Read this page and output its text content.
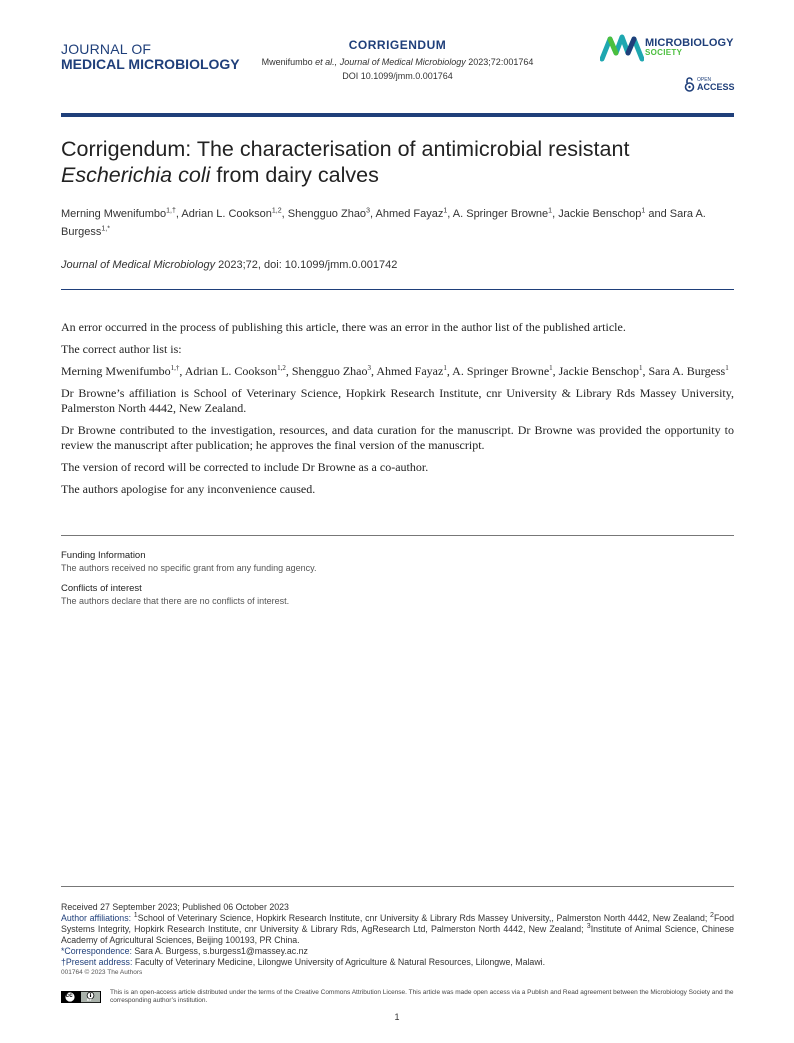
JOURNAL OF
MEDICAL MICROBIOLOGY
CORRIGENDUM
Mwenifumbo et al., Journal of Medical Microbiology 2023;72:001764
DOI 10.1099/jmm.0.001764
MICROBIOLOGY
SOCIETY
OPEN
ACCESS
Corrigendum: The characterisation of antimicrobial resistant
Escherichia coli from dairy calves
Merning Mwenifumbo$^{1,\dagger}$, Adrian L. Cookson$^{1,2}$, Shengguo Zhao$^3$, Ahmed Fayaz$^1$, A. Springer Browne$^1$, Jackie Benschop$^1$ and Sara A. Burgess$^{1,*}$
Journal of Medical Microbiology 2023;72, doi: 10.1099/jmm.0.001742

An error occurred in the process of publishing this article, there was an error in the author list of the published article.

The correct author list is:

Merning Mwenifumbo$^{1,\dagger}$, Adrian L. Cookson$^{1,2}$, Shengguo Zhao$^3$, Ahmed Fayaz$^1$, A. Springer Browne$^1$, Jackie Benschop$^1$, Sara A. Burgess$^1$

Dr Browne’s affiliation is School of Veterinary Science, Hopkirk Research Institute, cnr University & Library Rds Massey University, Palmerston North 4442, New Zealand.

Dr Browne contributed to the investigation, resources, and data curation for the manuscript. Dr Browne was provided the opportunity to review the manuscript after publication; he approves the final version of the manuscript.

The version of record will be corrected to include Dr Browne as a co-author.

The authors apologise for any inconvenience caused.

Funding Information
The authors received no specific grant from any funding agency.
Conflicts of interest
The authors declare that there are no conflicts of interest.
Received 27 September 2023; Published 06 October 2023
Author affiliations: $^1$School of Veterinary Science, Hopkirk Research Institute, cnr University & Library Rds Massey University,, Palmerston North 4442, New Zealand; $^2$Food Systems Integrity, Hopkirk Research Institute, cnr University & Library Rds, AgResearch Ltd, Palmerston North 4442, New Zealand; $^3$Institute of Animal Science, Chinese Academy of Agricultural Sciences, Beijing 100193, PR China.
*Correspondence: Sara A. Burgess, s.burgess1@massey.ac.nz
†Present address: Faculty of Veterinary Medicine, Lilongwe University of Agriculture & Natural Resources, Lilongwe, Malawi.
001764 © 2023 The Authors
cc
BY
This is an open-access article distributed under the terms of the Creative Commons Attribution License. This article was made open access via a Publish and Read agreement between the Microbiology Society and the corresponding author’s institution.
1
